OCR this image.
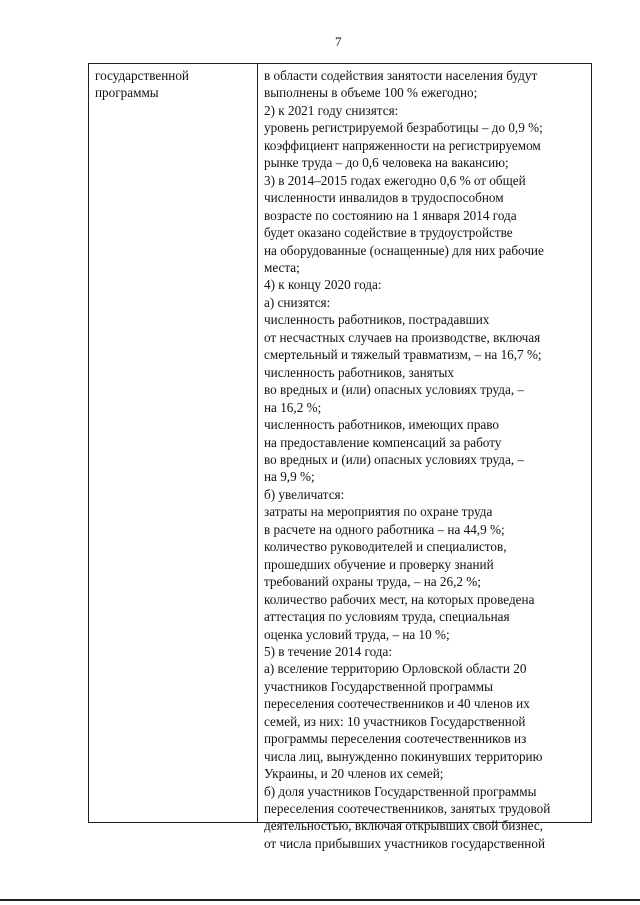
7
государственной
программы
в области содействия занятости населения будут
выполнены в объеме 100 % ежегодно;
2) к 2021 году снизятся:
уровень регистрируемой безработицы – до 0,9 %;
коэффициент напряженности на регистрируемом
рынке труда – до 0,6 человека на вакансию;
3) в 2014–2015 годах ежегодно 0,6 % от общей
численности инвалидов в трудоспособном
возрасте по состоянию на 1 января 2014 года
будет оказано содействие в трудоустройстве
на оборудованные (оснащенные) для них рабочие
места;
4) к концу 2020 года:
а) снизятся:
численность работников, пострадавших
от несчастных случаев на производстве, включая
смертельный и тяжелый травматизм, – на 16,7 %;
численность работников, занятых
во вредных и (или) опасных условиях труда, –
на 16,2 %;
численность работников, имеющих право
на предоставление компенсаций за работу
во вредных и (или) опасных условиях труда, –
на 9,9 %;
б) увеличатся:
затраты на мероприятия по охране труда
в расчете на одного работника – на 44,9 %;
количество руководителей и специалистов,
прошедших обучение и проверку знаний
требований охраны труда, – на 26,2 %;
количество рабочих мест, на которых проведена
аттестация по условиям труда, специальная
оценка условий труда, – на 10 %;
5) в течение 2014 года:
а) вселение территорию Орловской области 20
участников Государственной программы
переселения соотечественников и 40 членов их
семей, из них: 10 участников Государственной
программы переселения соотечественников из
числа лиц, вынужденно покинувших территорию
Украины, и 20 членов их семей;
б) доля участников Государственной программы
переселения соотечественников, занятых трудовой
деятельностью, включая открывших свой бизнес,
от числа прибывших участников государственной
